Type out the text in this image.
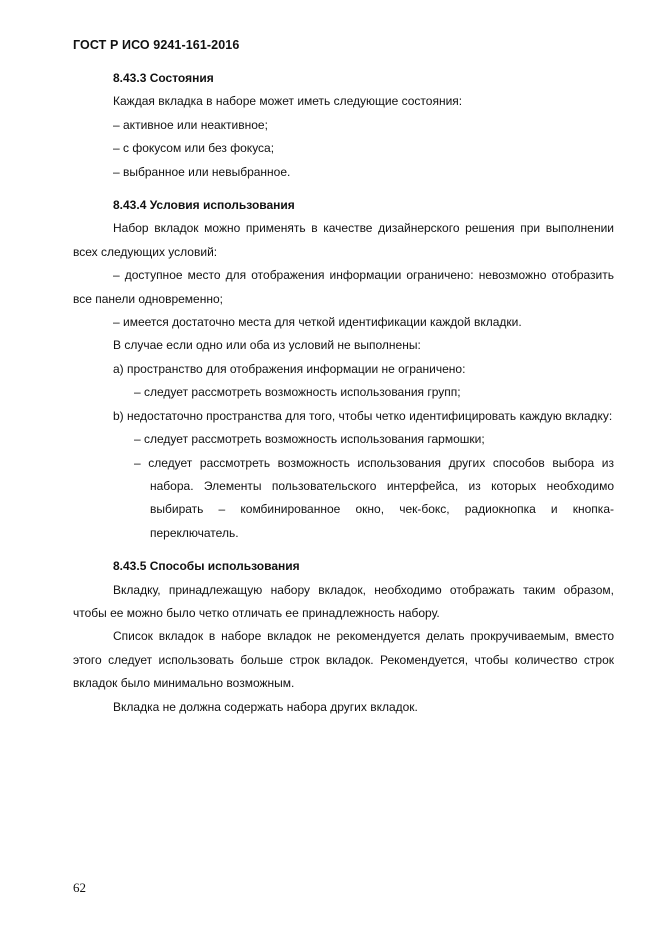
ГОСТ Р ИСО 9241-161-2016
8.43.3 Состояния
Каждая вкладка в наборе может иметь следующие состояния:
– активное или неактивное;
– с фокусом или без фокуса;
– выбранное или невыбранное.
8.43.4 Условия использования
Набор вкладок можно применять в качестве дизайнерского решения при выполнении всех следующих условий:
– доступное место для отображения информации ограничено: невозможно отобразить все панели одновременно;
– имеется достаточно места для четкой идентификации каждой вкладки.
В случае если одно или оба из условий не выполнены:
a) пространство для отображения информации не ограничено:
– следует рассмотреть возможность использования групп;
b) недостаточно пространства для того, чтобы четко идентифицировать каждую вкладку:
– следует рассмотреть возможность использования гармошки;
– следует рассмотреть возможность использования других способов выбора из набора. Элементы пользовательского интерфейса, из которых необходимо выбирать – комбинированное окно, чек-бокс, радиокнопка и кнопка-переключатель.
8.43.5 Способы использования
Вкладку, принадлежащую набору вкладок, необходимо отображать таким образом, чтобы ее можно было четко отличать ее принадлежность набору.
Список вкладок в наборе вкладок не рекомендуется делать прокручиваемым, вместо этого следует использовать больше строк вкладок. Рекомендуется, чтобы количество строк вкладок было минимально возможным.
Вкладка не должна содержать набора других вкладок.
62
